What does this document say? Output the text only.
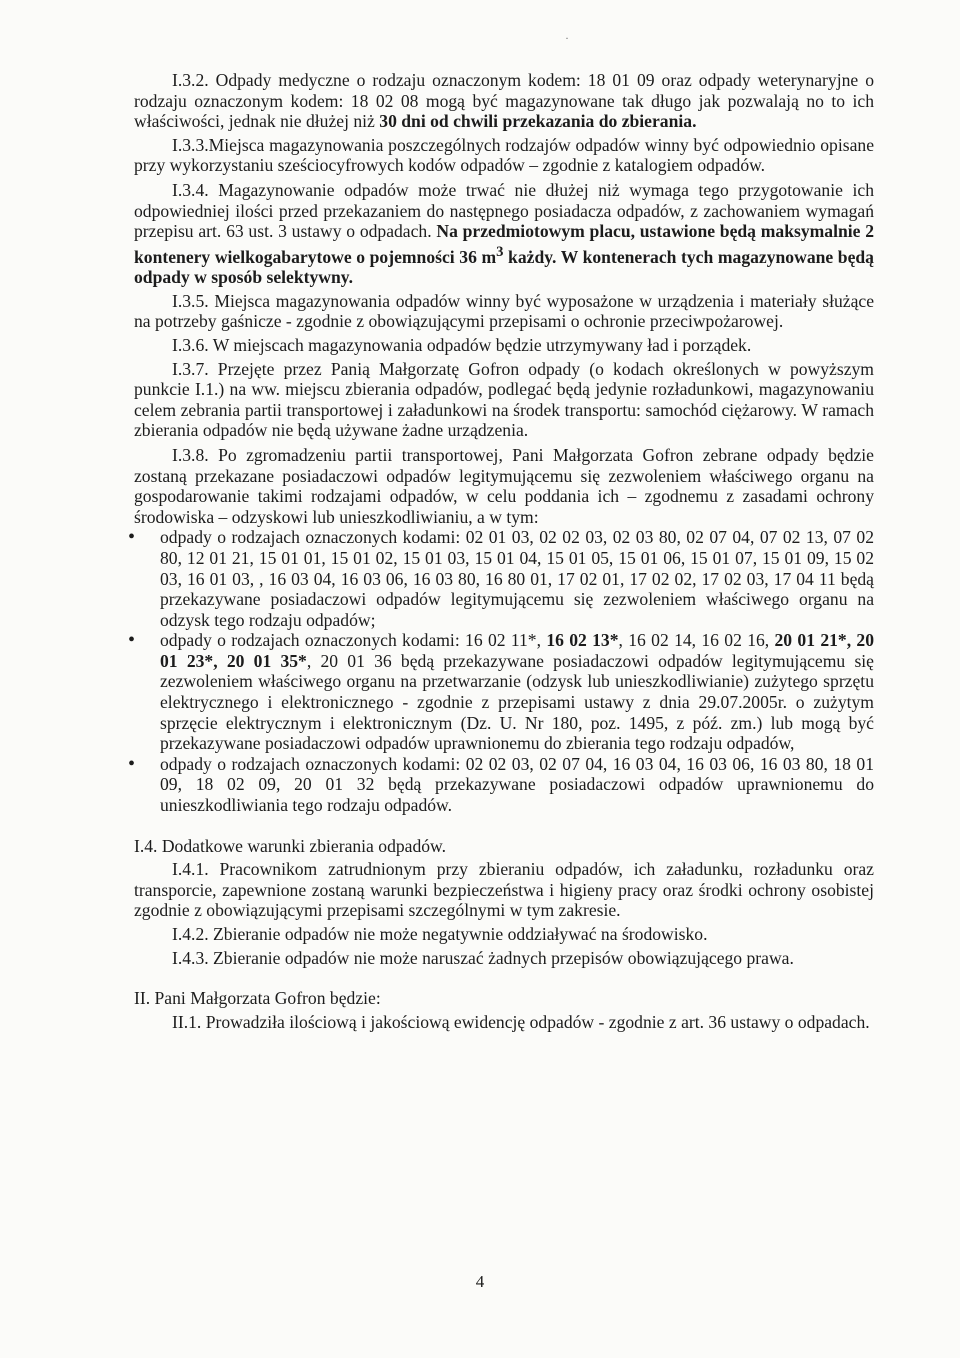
·

I.3.2. Odpady medyczne o rodzaju oznaczonym kodem: 18 01 09 oraz odpady weterynaryjne o rodzaju oznaczonym kodem: 18 02 08 mogą być magazynowane tak długo jak pozwalają no to ich właściwości, jednak nie dłużej niż 30 dni od chwili przekazania do zbierania.

I.3.3.Miejsca magazynowania poszczególnych rodzajów odpadów winny być odpowiednio opisane przy wykorzystaniu sześciocyfrowych kodów odpadów – zgodnie z katalogiem odpadów.

I.3.4. Magazynowanie odpadów może trwać nie dłużej niż wymaga tego przygotowanie ich odpowiedniej ilości przed przekazaniem do następnego posiadacza odpadów, z zachowaniem wymagań przepisu art. 63 ust. 3 ustawy o odpadach. Na przedmiotowym placu, ustawione będą maksymalnie 2 kontenery wielkogabarytowe o pojemności 36 $m^3$ każdy. W kontenerach tych magazynowane będą odpady w sposób selektywny.

I.3.5. Miejsca magazynowania odpadów winny być wyposażone w urządzenia i materiały służące na potrzeby gaśnicze - zgodnie z obowiązującymi przepisami o ochronie przeciwpożarowej.

I.3.6. W miejscach magazynowania odpadów będzie utrzymywany ład i porządek.

I.3.7. Przejęte przez Panią Małgorzatę Gofron odpady (o kodach określonych w powyższym punkcie I.1.) na ww. miejscu zbierania odpadów, podlegać będą jedynie rozładunkowi, magazynowaniu celem zebrania partii transportowej i załadunkowi na środek transportu: samochód ciężarowy. W ramach zbierania odpadów nie będą używane żadne urządzenia.

I.3.8. Po zgromadzeniu partii transportowej, Pani Małgorzata Gofron zebrane odpady będzie zostaną przekazane posiadaczowi odpadów legitymującemu się zezwoleniem właściwego organu na gospodarowanie takimi rodzajami odpadów, w celu poddania ich – zgodnemu z zasadami ochrony środowiska – odzyskowi lub unieszkodliwianiu, a w tym:

• odpady o rodzajach oznaczonych kodami: 02 01 03, 02 02 03, 02 03 80, 02 07 04, 07 02 13, 07 02 80, 12 01 21, 15 01 01, 15 01 02, 15 01 03, 15 01 04, 15 01 05, 15 01 06, 15 01 07, 15 01 09, 15 02 03, 16 01 03, , 16 03 04, 16 03 06, 16 03 80, 16 80 01, 17 02 01, 17 02 02, 17 02 03, 17 04 11 będą przekazywane posiadaczowi odpadów legitymującemu się zezwoleniem właściwego organu na odzysk tego rodzaju odpadów;
• odpady o rodzajach oznaczonych kodami: 16 02 11*, 16 02 13*, 16 02 14, 16 02 16, 20 01 21*, 20 01 23*, 20 01 35*, 20 01 36 będą przekazywane posiadaczowi odpadów legitymującemu się zezwoleniem właściwego organu na przetwarzanie (odzysk lub unieszkodliwianie) zużytego sprzętu elektrycznego i elektronicznego - zgodnie z przepisami ustawy z dnia 29.07.2005r. o zużytym sprzęcie elektrycznym i elektronicznym (Dz. U. Nr 180, poz. 1495, z póź. zm.) lub mogą być przekazywane posiadaczowi odpadów uprawnionemu do zbierania tego rodzaju odpadów,
• odpady o rodzajach oznaczonych kodami: 02 02 03, 02 07 04, 16 03 04, 16 03 06, 16 03 80, 18 01 09, 18 02 09, 20 01 32 będą przekazywane posiadaczowi odpadów uprawnionemu do unieszkodliwiania tego rodzaju odpadów.

I.4. Dodatkowe warunki zbierania odpadów.

I.4.1. Pracownikom zatrudnionym przy zbieraniu odpadów, ich załadunku, rozładunku oraz transporcie, zapewnione zostaną warunki bezpieczeństwa i higieny pracy oraz środki ochrony osobistej zgodnie z obowiązującymi przepisami szczególnymi w tym zakresie.

I.4.2. Zbieranie odpadów nie może negatywnie oddziaływać na środowisko.

I.4.3. Zbieranie odpadów nie może naruszać żadnych przepisów obowiązującego prawa.

II. Pani Małgorzata Gofron będzie:

II.1. Prowadziła ilościową i jakościową ewidencję odpadów - zgodnie z art. 36 ustawy o odpadach.

4
